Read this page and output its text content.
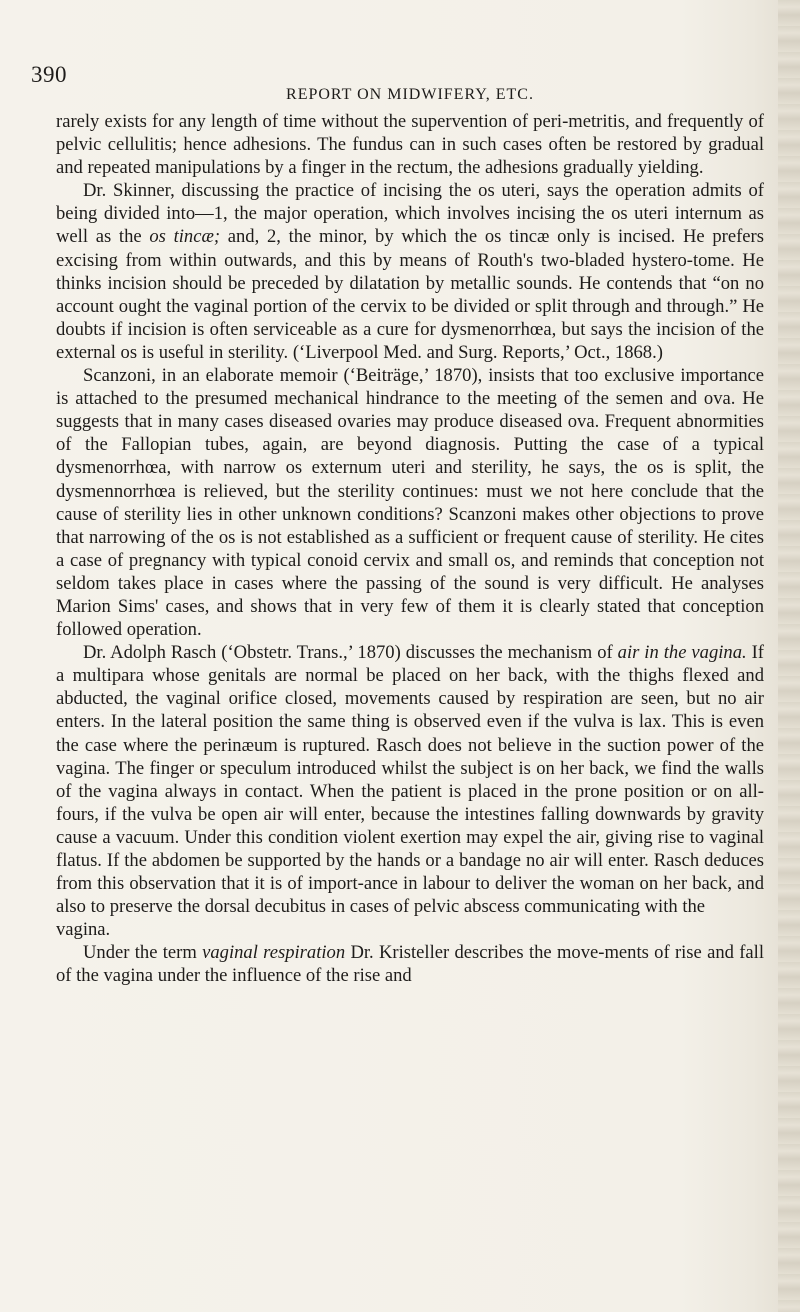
390
REPORT ON MIDWIFERY, ETC.

rarely exists for any length of time without the supervention of peri-metritis, and frequently of pelvic cellulitis; hence adhesions. The fundus can in such cases often be restored by gradual and repeated manipulations by a finger in the rectum, the adhesions gradually yielding.

Dr. Skinner, discussing the practice of incising the os uteri, says the operation admits of being divided into—1, the major operation, which involves incising the os uteri internum as well as the os tincæ; and, 2, the minor, by which the os tincæ only is incised. He prefers excising from within outwards, and this by means of Routh's two-bladed hystero-tome. He thinks incision should be preceded by dilatation by metallic sounds. He contends that “on no account ought the vaginal portion of the cervix to be divided or split through and through.” He doubts if incision is often serviceable as a cure for dysmenorrhœa, but says the incision of the external os is useful in sterility. (‘Liverpool Med. and Surg. Reports,’ Oct., 1868.)

Scanzoni, in an elaborate memoir (‘Beiträge,’ 1870), insists that too exclusive importance is attached to the presumed mechanical hindrance to the meeting of the semen and ova. He suggests that in many cases diseased ovaries may produce diseased ova. Frequent abnormities of the Fallopian tubes, again, are beyond diagnosis. Putting the case of a typical dysmenorrhœa, with narrow os externum uteri and sterility, he says, the os is split, the dysmennorrhœa is relieved, but the sterility continues: must we not here conclude that the cause of sterility lies in other unknown conditions? Scanzoni makes other objections to prove that narrowing of the os is not established as a sufficient or frequent cause of sterility. He cites a case of pregnancy with typical conoid cervix and small os, and reminds that conception not seldom takes place in cases where the passing of the sound is very difficult. He analyses Marion Sims' cases, and shows that in very few of them it is clearly stated that conception followed operation.

Dr. Adolph Rasch (‘Obstetr. Trans.,’ 1870) discusses the mechanism of air in the vagina. If a multipara whose genitals are normal be placed on her back, with the thighs flexed and abducted, the vaginal orifice closed, movements caused by respiration are seen, but no air enters. In the lateral position the same thing is observed even if the vulva is lax. This is even the case where the perinæum is ruptured. Rasch does not believe in the suction power of the vagina. The finger or speculum introduced whilst the subject is on her back, we find the walls of the vagina always in contact. When the patient is placed in the prone position or on all-fours, if the vulva be open air will enter, because the intestines falling downwards by gravity cause a vacuum. Under this condition violent exertion may expel the air, giving rise to vaginal flatus. If the abdomen be supported by the hands or a bandage no air will enter. Rasch deduces from this observation that it is of import-ance in labour to deliver the woman on her back, and also to preserve the dorsal decubitus in cases of pelvic abscess communicating with the

vagina.

Under the term vaginal respiration Dr. Kristeller describes the move-ments of rise and fall of the vagina under the influence of the rise and
